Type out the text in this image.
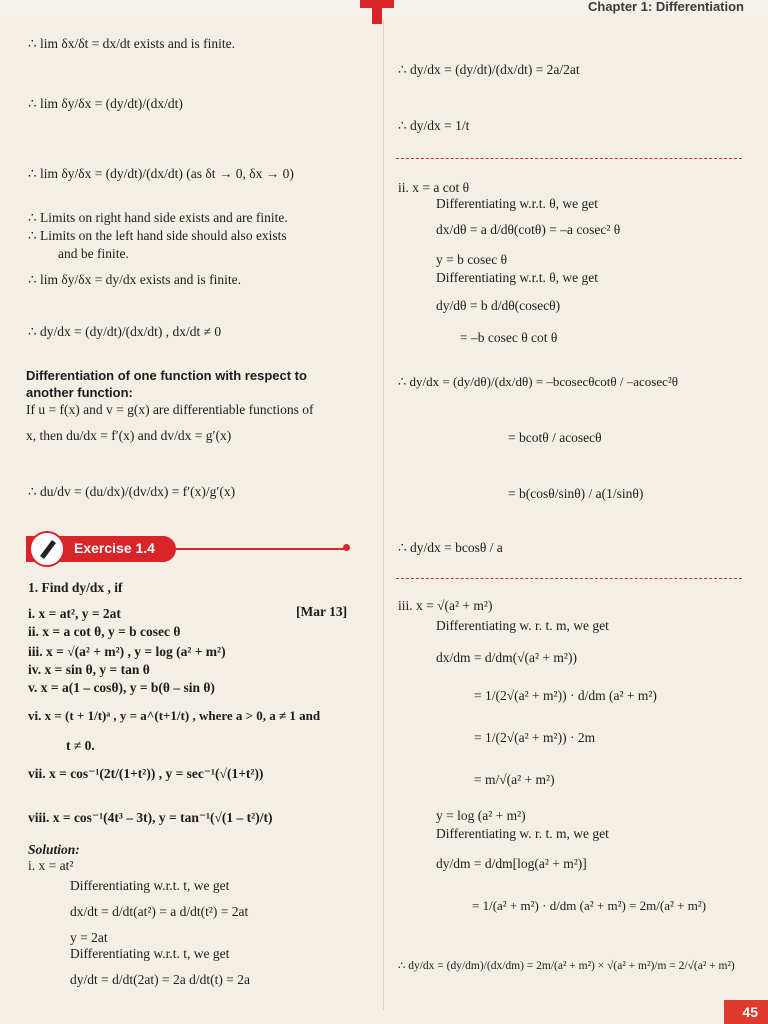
Chapter 1: Differentiation
∴ lim δx/δt = dx/dt exists and is finite.
∴ lim δy/δx = (dy/dt)/(dx/dt)
∴ lim δy/δx = (dy/dt)/(dx/dt) (as δt → 0, δx → 0)
∴ Limits on right hand side exists and are finite.
∴ Limits on the left hand side should also exists
and be finite.
∴ lim δy/δx = dy/dx exists and is finite.
∴ dy/dx = (dy/dt)/(dx/dt) , dx/dt ≠ 0
Differentiation of one function with respect to
another function:
If u = f(x) and v = g(x) are differentiable functions of
x, then du/dx = f′(x) and dv/dx = g′(x)
∴ du/dv = (du/dx)/(dv/dx) = f′(x)/g′(x)
Exercise 1.4
1. Find dy/dx , if
i. x = at², y = 2at	[Mar 13]
ii. x = a cot θ, y = b cosec θ
iii. x = √(a² + m²) , y = log (a² + m²)
iv. x = sin θ, y = tan θ
v. x = a(1 – cosθ), y = b(θ – sin θ)
vi. x = (t + 1/t)ᵃ , y = a^(t+1/t) , where a > 0, a ≠ 1 and
t ≠ 0.
vii. x = cos⁻¹(2t/(1+t²)) , y = sec⁻¹(√(1+t²))
viii. x = cos⁻¹(4t³ – 3t), y = tan⁻¹(√(1 – t²)/t)
Solution:
i. x = at²
Differentiating w.r.t. t, we get
dx/dt = d/dt(at²) = a d/dt(t²) = 2at
y = 2at
Differentiating w.r.t. t, we get
dy/dt = d/dt(2at) = 2a d/dt(t) = 2a
∴ dy/dx = (dy/dt)/(dx/dt) = 2a/2at
∴ dy/dx = 1/t
ii. x = a cot θ
Differentiating w.r.t. θ, we get
dx/dθ = a d/dθ(cotθ) = –a cosec² θ
y = b cosec θ
Differentiating w.r.t. θ, we get
dy/dθ = b d/dθ(cosecθ)
= –b cosec θ cot θ
∴ dy/dx = (dy/dθ)/(dx/dθ) = –bcosecθcotθ / –acosec²θ
= bcotθ / acosecθ
= b(cosθ/sinθ) / a(1/sinθ)
∴ dy/dx = bcosθ / a
iii. x = √(a² + m²)
Differentiating w. r. t. m, we get
dx/dm = d/dm(√(a² + m²))
= 1/(2√(a² + m²)) · d/dm (a² + m²)
= 1/(2√(a² + m²)) · 2m
= m/√(a² + m²)
y = log (a² + m²)
Differentiating w. r. t. m, we get
dy/dm = d/dm[log(a² + m²)]
= 1/(a² + m²) · d/dm (a² + m²) = 2m/(a² + m²)
∴ dy/dx = (dy/dm)/(dx/dm) = 2m/(a² + m²) × √(a² + m²)/m = 2/√(a² + m²)
45
